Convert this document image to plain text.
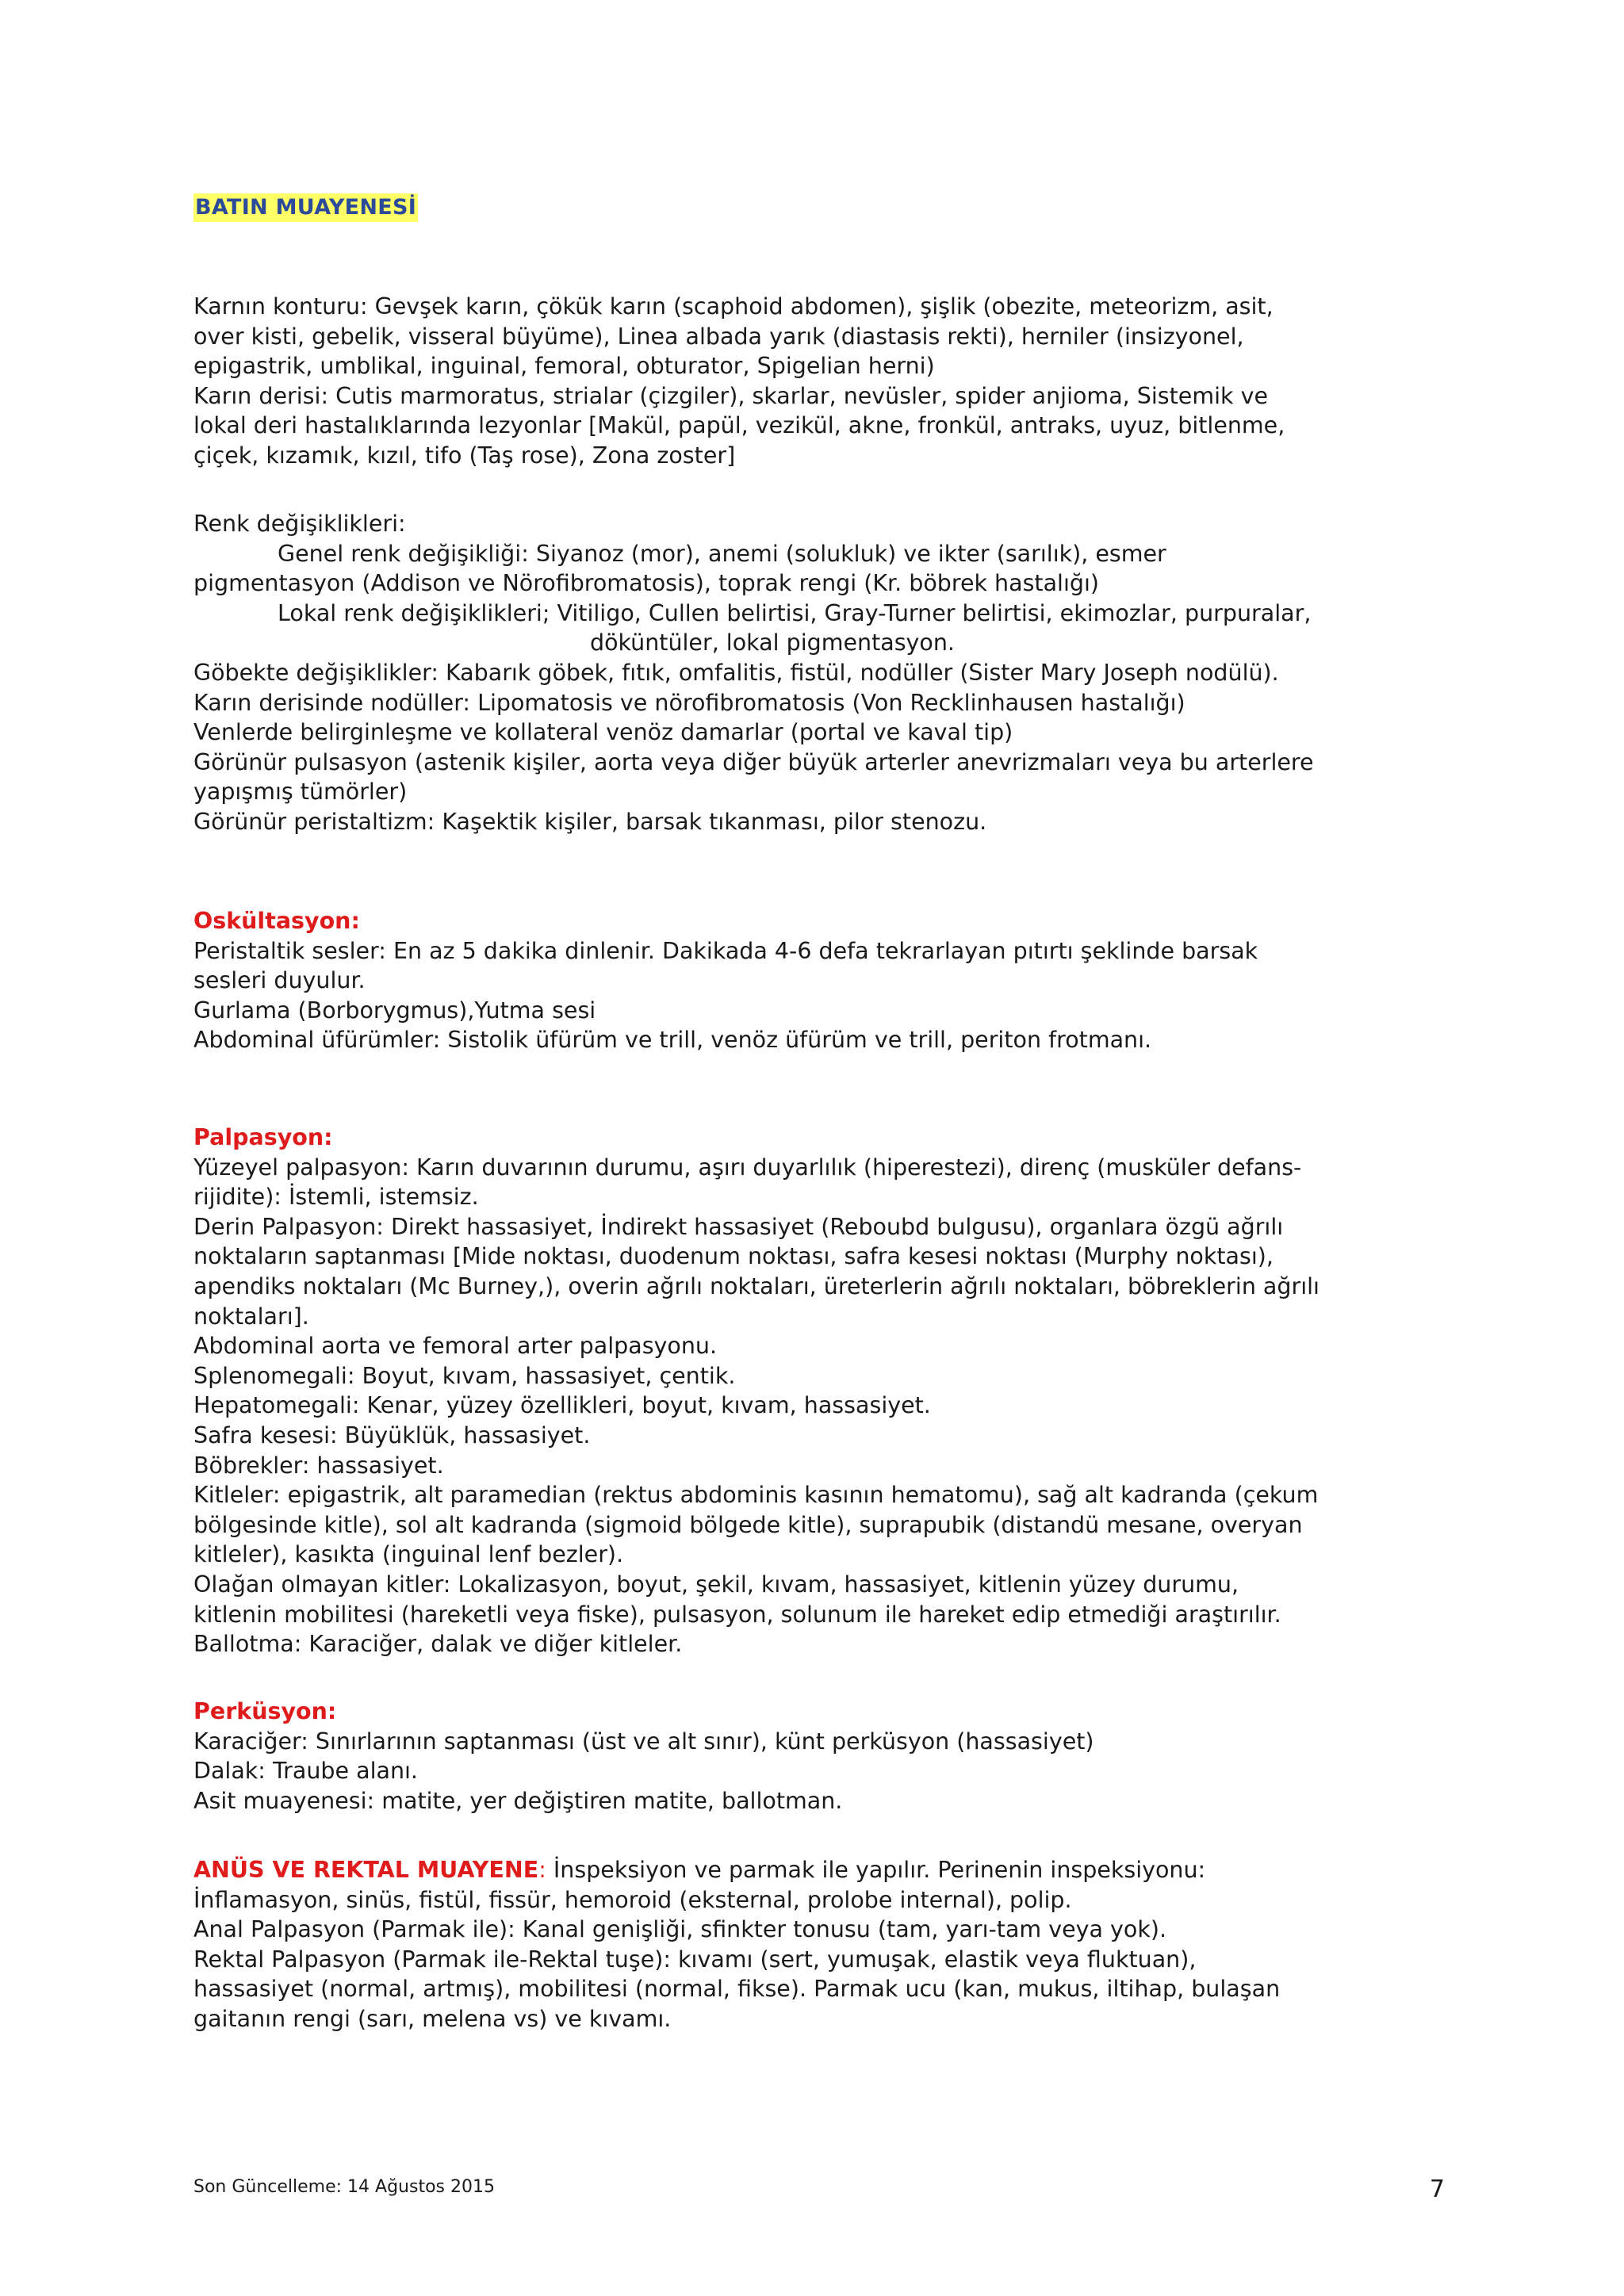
BATIN MUAYENESİ

Karnın konturu: Gevşek karın, çökük karın (scaphoid abdomen), şişlik (obezite, meteorizm, asit,
over kisti, gebelik, visseral büyüme), Linea albada yarık (diastasis rekti), herniler (insizyonel,
epigastrik, umblikal, inguinal, femoral, obturator, Spigelian herni)
Karın derisi: Cutis marmoratus, strialar (çizgiler), skarlar, nevüsler, spider anjioma, Sistemik ve
lokal deri hastalıklarında lezyonlar [Makül, papül, vezikül, akne, fronkül, antraks, uyuz, bitlenme,
çiçek, kızamık, kızıl, tifo (Taş rose), Zona zoster]

Renk değişiklikleri:
Genel renk değişikliği: Siyanoz (mor), anemi (solukluk) ve ikter (sarılık), esmer
pigmentasyon (Addison ve Nörofibromatosis), toprak rengi (Kr. böbrek hastalığı)
Lokal renk değişiklikleri; Vitiligo, Cullen belirtisi, Gray-Turner belirtisi, ekimozlar, purpuralar,
döküntüler, lokal pigmentasyon.
Göbekte değişiklikler: Kabarık göbek, fıtık, omfalitis, fistül, nodüller (Sister Mary Joseph nodülü).
Karın derisinde nodüller: Lipomatosis ve nörofibromatosis (Von Recklinhausen hastalığı)
Venlerde belirginleşme ve kollateral venöz damarlar (portal ve kaval tip)
Görünür pulsasyon (astenik kişiler, aorta veya diğer büyük arterler anevrizmaları veya bu arterlere
yapışmış tümörler)
Görünür peristaltizm: Kaşektik kişiler, barsak tıkanması, pilor stenozu.

Oskültasyon:
Peristaltik sesler: En az 5 dakika dinlenir. Dakikada 4-6 defa tekrarlayan pıtırtı şeklinde barsak
sesleri duyulur.
Gurlama (Borborygmus),Yutma sesi
Abdominal üfürümler: Sistolik üfürüm ve trill, venöz üfürüm ve trill, periton frotmanı.

Palpasyon:
Yüzeyel palpasyon: Karın duvarının durumu, aşırı duyarlılık (hiperestezi), direnç (musküler defans-
rijidite): İstemli, istemsiz.
Derin Palpasyon: Direkt hassasiyet, İndirekt hassasiyet (Reboubd bulgusu), organlara özgü ağrılı
noktaların saptanması [Mide noktası, duodenum noktası, safra kesesi noktası (Murphy noktası),
apendiks noktaları (Mc Burney,), overin ağrılı noktaları, üreterlerin ağrılı noktaları, böbreklerin ağrılı
noktaları].
Abdominal aorta ve femoral arter palpasyonu.
Splenomegali: Boyut, kıvam, hassasiyet, çentik.
Hepatomegali: Kenar, yüzey özellikleri, boyut, kıvam, hassasiyet.
Safra kesesi: Büyüklük, hassasiyet.
Böbrekler: hassasiyet.
Kitleler: epigastrik, alt paramedian (rektus abdominis kasının hematomu), sağ alt kadranda (çekum
bölgesinde kitle), sol alt kadranda (sigmoid bölgede kitle), suprapubik (distandü mesane, overyan
kitleler), kasıkta (inguinal lenf bezler).
Olağan olmayan kitler: Lokalizasyon, boyut, şekil, kıvam, hassasiyet, kitlenin yüzey durumu,
kitlenin mobilitesi (hareketli veya fiske), pulsasyon, solunum ile hareket edip etmediği araştırılır.
Ballotma: Karaciğer, dalak ve diğer kitleler.

Perküsyon:
Karaciğer: Sınırlarının saptanması (üst ve alt sınır), künt perküsyon (hassasiyet)
Dalak: Traube alanı.
Asit muayenesi: matite, yer değiştiren matite, ballotman.

ANÜS VE REKTAL MUAYENE: İnspeksiyon ve parmak ile yapılır. Perinenin inspeksiyonu:
İnflamasyon, sinüs, fistül, fissür, hemoroid (eksternal, prolobe internal), polip.
Anal Palpasyon (Parmak ile): Kanal genişliği, sfinkter tonusu (tam, yarı-tam veya yok).
Rektal Palpasyon (Parmak ile-Rektal tuşe): kıvamı (sert, yumuşak, elastik veya fluktuan),
hassasiyet (normal, artmış), mobilitesi (normal, fikse). Parmak ucu (kan, mukus, iltihap, bulaşan
gaitanın rengi (sarı, melena vs) ve kıvamı.

Son Güncelleme: 14 Ağustos 2015	7
